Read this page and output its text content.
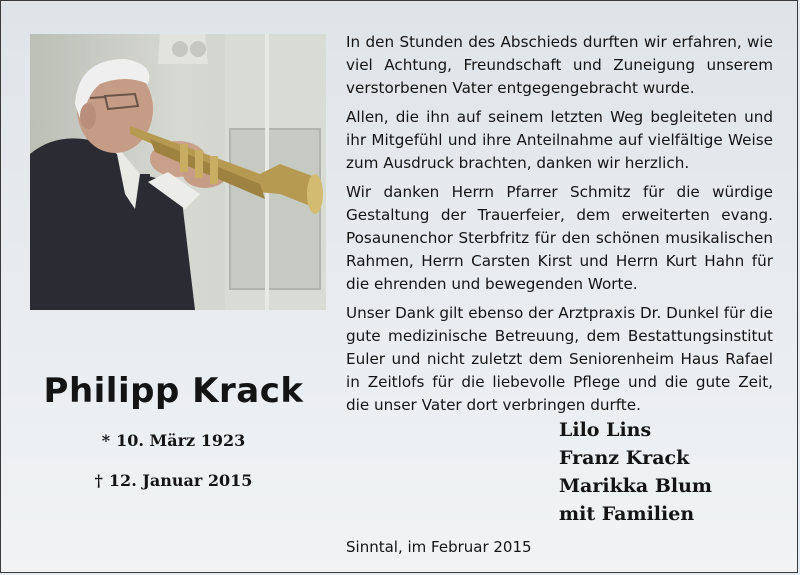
Philipp Krack
* 10. März 1923
† 12. Januar 2015

In den Stunden des Abschieds durften wir erfahren, wie viel Achtung, Freundschaft und Zuneigung unserem verstorbenen Vater entgegengebracht wurde.

Allen, die ihn auf seinem letzten Weg begleiteten und ihr Mitgefühl und ihre Anteilnahme auf vielfältige Weise zum Ausdruck brachten, danken wir herzlich.

Wir danken Herrn Pfarrer Schmitz für die würdige Gestaltung der Trauerfeier, dem erweiterten evang. Posaunenchor Sterbfritz für den schönen musikalischen Rahmen, Herrn Carsten Kirst und Herrn Kurt Hahn für die ehrenden und bewegenden Worte.

Unser Dank gilt ebenso der Arztpraxis Dr. Dunkel für die gute medizinische Betreuung, dem Bestattungsinstitut Euler und nicht zuletzt dem Seniorenheim Haus Rafael in Zeitlofs für die liebevolle Pflege und die gute Zeit, die unser Vater dort verbringen durfte.

Lilo Lins
Franz Krack
Marikka Blum
mit Familien
Sinntal, im Februar 2015
